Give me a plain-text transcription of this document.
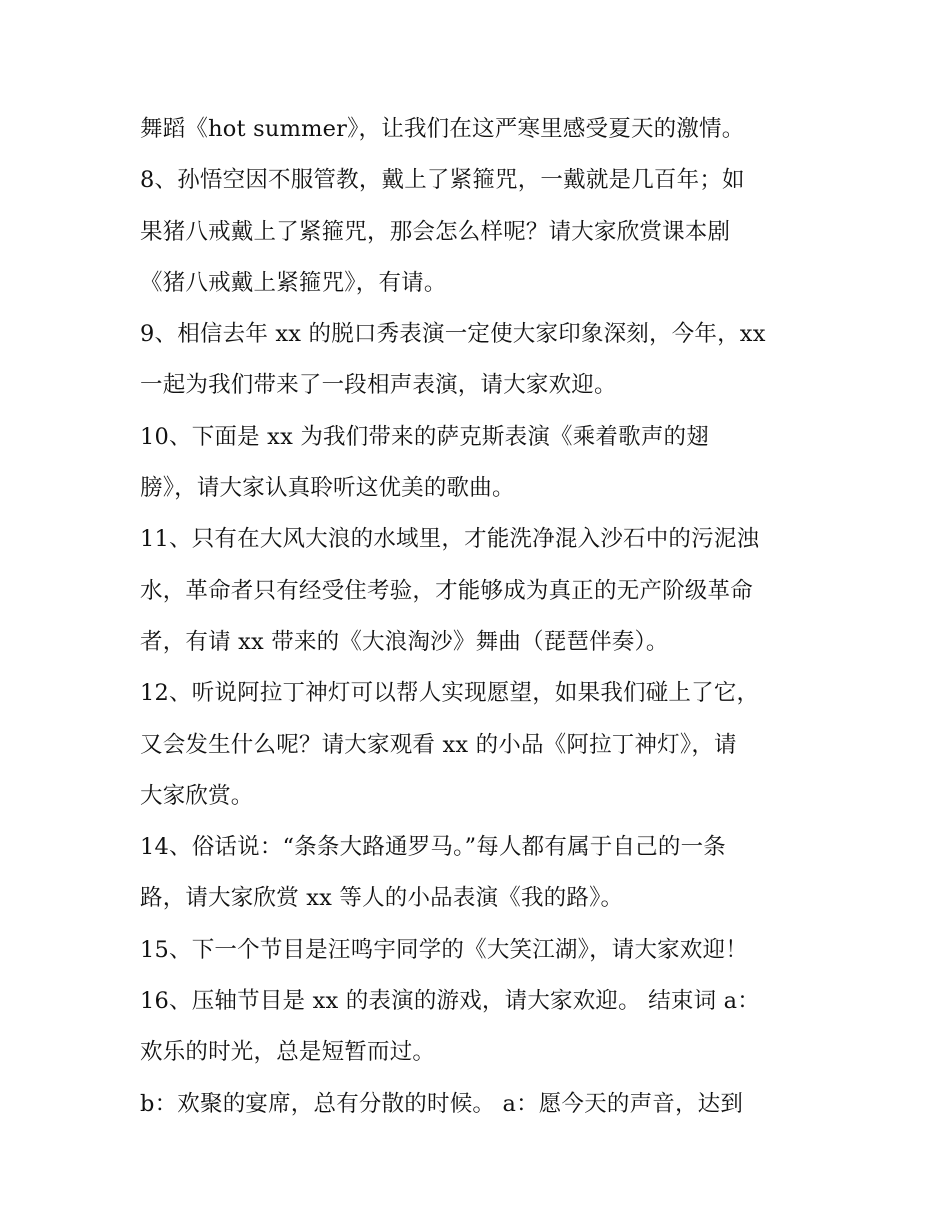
舞蹈《hot summer》，让我们在这严寒里感受夏天的激情。
8、孙悟空因不服管教，戴上了紧箍咒，一戴就是几百年；如
果猪八戒戴上了紧箍咒，那会怎么样呢？请大家欣赏课本剧
《猪八戒戴上紧箍咒》，有请。
9、相信去年 xx 的脱口秀表演一定使大家印象深刻，今年，xx
一起为我们带来了一段相声表演，请大家欢迎。
10、下面是 xx 为我们带来的萨克斯表演《乘着歌声的翅
膀》，请大家认真聆听这优美的歌曲。
11、只有在大风大浪的水域里，才能洗净混入沙石中的污泥浊
水，革命者只有经受住考验，才能够成为真正的无产阶级革命
者，有请 xx 带来的《大浪淘沙》舞曲（琵琶伴奏）。
12、听说阿拉丁神灯可以帮人实现愿望，如果我们碰上了它，
又会发生什么呢？请大家观看 xx 的小品《阿拉丁神灯》，请
大家欣赏。
14、俗话说：“条条大路通罗马。”每人都有属于自己的一条
路，请大家欣赏 xx 等人的小品表演《我的路》。
15、下一个节目是汪鸣宇同学的《大笑江湖》，请大家欢迎！
16、压轴节目是 xx 的表演的游戏，请大家欢迎。 结束词 a：
欢乐的时光，总是短暂而过。
b：欢聚的宴席，总有分散的时候。 a：愿今天的声音，达到
